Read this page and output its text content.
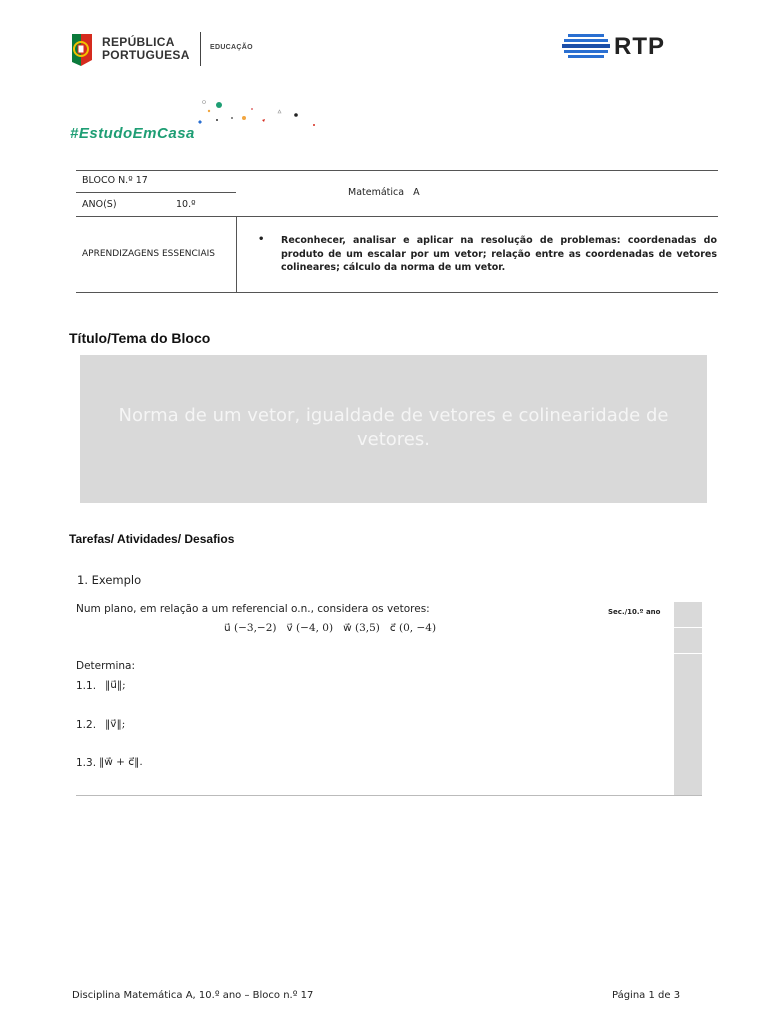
REPÚBLICA
PORTUGUESA
EDUCAÇÃO	RTP
#EstudoEmCasa
BLOCO N.º 17
ANO(S)	10.º
Matemática   A
APRENDIZAGENS ESSENCIAIS
• Reconhecer, analisar e aplicar na resolução de problemas: coordenadas do produto de um escalar por um vetor; relação entre as coordenadas de vetores colineares; cálculo da norma de um vetor.
Título/Tema do Bloco
Norma de um vetor, igualdade de vetores e colinearidade de vetores.
Tarefas/ Atividades/ Desafios
1. Exemplo
Sec./10.º ano
Num plano, em relação a um referencial o.n., considera os vetores:
u⃗ (−3,−2)   v⃗ (−4, 0)   w⃗ (3,5)   c⃗ (0, −4)
Determina:
1.1. ‖u⃗‖;
1.2. ‖v⃗‖;
1.3. ‖w⃗ + c⃗‖.
Disciplina Matemática A, 10.º ano – Bloco n.º 17	Página 1 de 3
